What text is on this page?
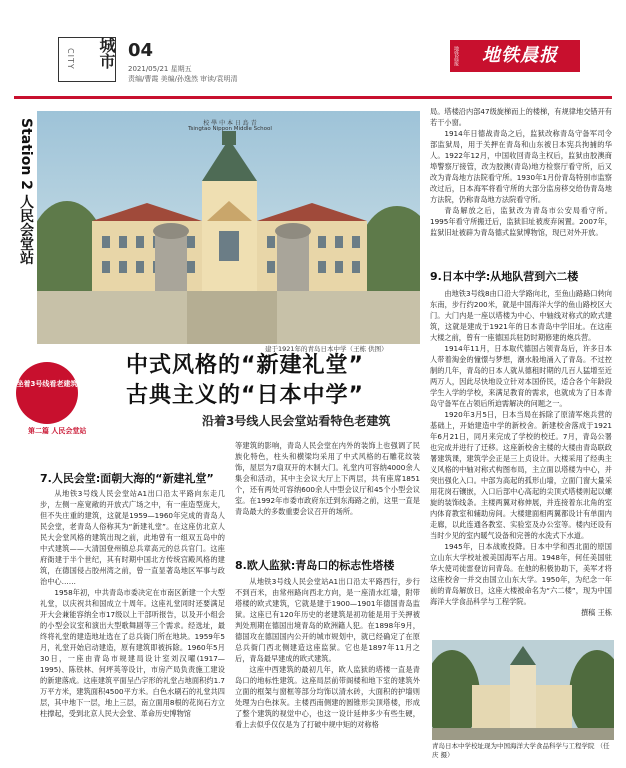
城市
CITY	04
2021/05/21 星期五
责编/曹霞 美编/孙逸然 审读/袁明清
地铁晨报	地铁晨报
Station 2 人民会堂站	校 學 中 本 日 島 青
Tsingtao Nippon Middle School
建于1921年的青岛日本中学（王栋 供图）
局。塔楼沿内部47级旋梯而上的楼梯，有规律地交错开有若干小窗。
1914年日德战青岛之后，监狱改称青岛守备军司令部监狱局，用于关押在青岛和山东被日本宪兵拘捕的华人。1922年12月，中国收回青岛主权后，监狱由胶澳商埠警察厅接管，改为胶澳(青岛)地方检察厅看守所，后又改为青岛地方法院看守所。1930年1月份青岛特别市监察改过后，日本海军将看守所的大部分监房移交给伪青岛地方法院，仍称青岛地方法院看守所。
青岛解放之后，监狱改为青岛市公安局看守所。1995年看守所搬迁后，监狱旧址被废弃闲置。2007年，监狱旧址被辟为青岛德式监狱博物馆，现已对外开放。
9.日本中学:从地队营到六二楼
由地铁3号线8由口沿大学路向北，至鱼山路路口转向东南，步行约200米，就是中国海洋大学的鱼山路校区大门。大门内是一座以塔楼为中心、中轴线对称式的欧式建筑，这就是建成于1921年的日本青岛中学旧址。在这座大楼之前，曾有一座德国兵驻防时期修建的炮兵营。
1914年11月，日本取代德国占领青岛后，许多日本人带着淘金的憧憬与梦想，潮水般地涌入了青岛。不过控制的几年，青岛的日本人就从德租时期的几百人猛增至近两万人，因此尽快地设立针对本国侨民，适合各个年龄段学生入学的学校，来满足教育的需求，也就成为了日本青岛守备军在占领后所迫需解决的问题之一。
1920年3月5日，日本当局在拆除了原清军炮兵营的基础上，开始建造中学的新校舍。新建校舍落成于1921年6月21日，同月来完成了学校的校迁。7月，青岛公署也完成并进行了迁移。这座新校舍主楼的大楼由青岛联政署建筑课，建筑学会正是三上贞设计。大楼采用了经典主义风格的中轴对称式构图布局，主立面以塔楼为中心，并突出强化入口。中部为高起的孤形山墙，立面门窗大量采用花岗石镶嵌，入口后部中心高起的尖顶式塔楼则起以螺旋的装饰线条。主楼两翼对称伸展，并连接着东北角的室内体育教室和辅助房间。大楼建面相两翼都设计有单面内走廊，以此连通各教室、实验室及办公室等。楼内还设有当时少见的室内暖气设备和完善的水洗式下水道。
1945年，日本战败投降。日本中学和西北面的原国立山东大学校址被美国海军占用。1948年，何任美国驻华大使司徒雷登访问青岛。在他的积极协助下，美军才将这座校舍一并交由国立山东大学。1950年，为纪念一年前的青岛解放日，这座大楼被命名为“六二楼”，现为中国海洋大学食品科学与工程学院。
撰稿 王栋
坐着3号线看老建筑
第二篇 人民会堂站
中式风格的“新建礼堂”
古典主义的“日本中学”
沿着3号线人民会堂站看特色老建筑
7.人民会堂:面朝大海的“新建礼堂”
从地铁3号线人民会堂站A1出口沿太平路向东走几步，左侧一座宽敞的开放式广场之中，有一座造型庞大，但不失庄重的建筑，这就是1959—1960年完成的青岛人民会堂，老青岛人俗称其为“新建礼堂”。在这座仿北京人民大会堂风格的建筑出现之前，此地曾有一组双五岛中的中式建筑——大清国登州镇总兵章高元的总兵官门。这座府衙建于半个世纪，其有时期中国北方传统宫殿风格的建筑，在德国侵占胶州湾之前，曾一直显著岛地区军事与政治中心……
1958年初，中共青岛市委决定在市南区新建一个大型礼堂，以庆祝共和国成立十周年。这座礼堂同时还要满足开大会兼能容纳全市17级以上干部听报告，以及开小组会的小型会议室和演出大型歌舞剧等三个需求。经选址，最终将礼堂的建造地址选在了总兵衙门所在地块。1959年5月，礼堂开始启动建造，原有建筑即被拆除。1960年5月30日，一座由青岛市规建局设计室刘汉曜(1917—1995)、陈铁林、何坪英等设计，市房产局负责施工建设的新建落成。这座建筑平面呈凸字形的礼堂占地面积约1.7万平方米，建筑面积4500平方米。白色水刷石的礼堂共四层，其中地下一层，地上三层，南立面用8根的花岗石方立柱撑起，受到北京人民大会堂、革命历史博物馆
等建筑的影响，青岛人民会堂在内外的装饰上也强调了民族化特色，柱头和横梁均采用了中式风格的石雕花纹装饰，屋层为7扇双开的木制大门。礼堂内可容纳4000余人集会和活动，其中主会议大厅上下两层，共有座席1851个，还有两处可容纳600余人中型会议厅和45个小型会议室。在1992年市委市政府东迁到东海路之前，这里一直是青岛最大的多数重要会议召开的场所。
8.欧人监狱:青岛口的标志性塔楼
从地铁3号线人民会堂站A1出口沿太平路西行，步行不到百米，由常州路向西北方向，是一座清水红墙，附带塔楼的欧式建筑，它就是建于1900—1901年德国青岛监狱。这座已有120年历史的老建筑是初功能是用于关押被判处刑期在德国出境青岛的欧洲籍人犯。在1898年9月，德国攻在德国国内公开的城市规划中，就已经确定了在原总兵衙门西北侧建造这座监狱。它也是1897年11月之后，青岛最早建成的欧式建筑。
这座中西建筑的最初几年，欧人监狱的塔楼一直是青岛口的地标性建筑。这座局层前带阁楼和地下室的建筑外立面的框架与窗框等部分均饰以清水砖，大面积的护墙则处理为白色抹灰。主楼西南侧建的圆锥形尖顶塔楼，形成了整个建筑的视觉中心，也这一设计延伸多少有些生硬，看上去似乎仅仅是为了打破中规中矩的对称格
青岛日本中学校址现为中国海洋大学食品科学与工程学院 （任庆 摄）
